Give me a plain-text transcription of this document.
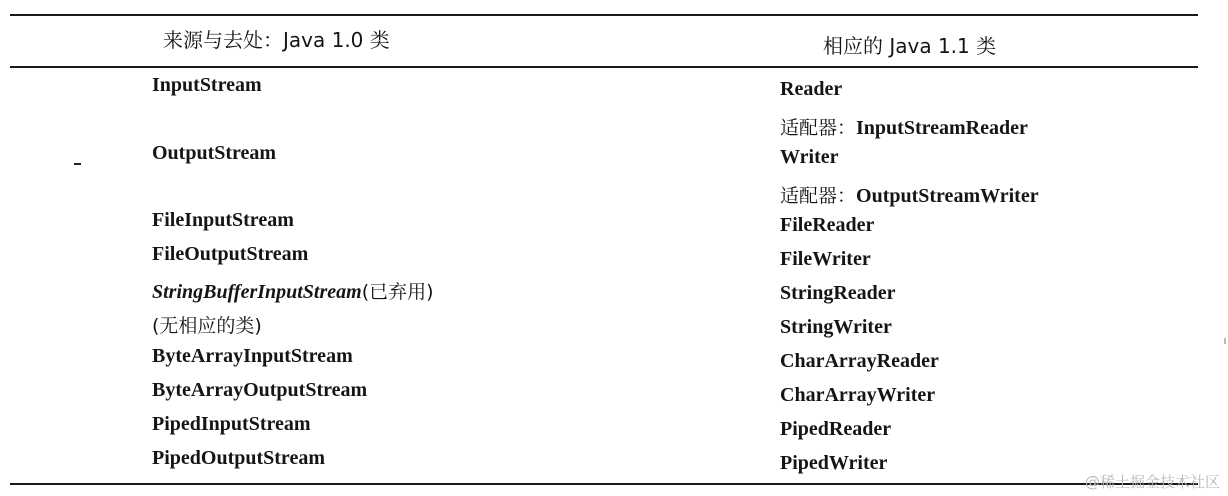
来源与去处：Java 1.0 类	相应的 Java 1.1 类
InputStream
OutputStream
FileInputStream
FileOutputStream
StringBufferInputStream(已弃用)
(无相应的类)
ByteArrayInputStream
ByteArrayOutputStream
PipedInputStream
PipedOutputStream
Reader
适配器：InputStreamReader
Writer
适配器：OutputStreamWriter
FileReader
FileWriter
StringReader
StringWriter
CharArrayReader
CharArrayWriter
PipedReader
PipedWriter
@稀土掘金技术社区
